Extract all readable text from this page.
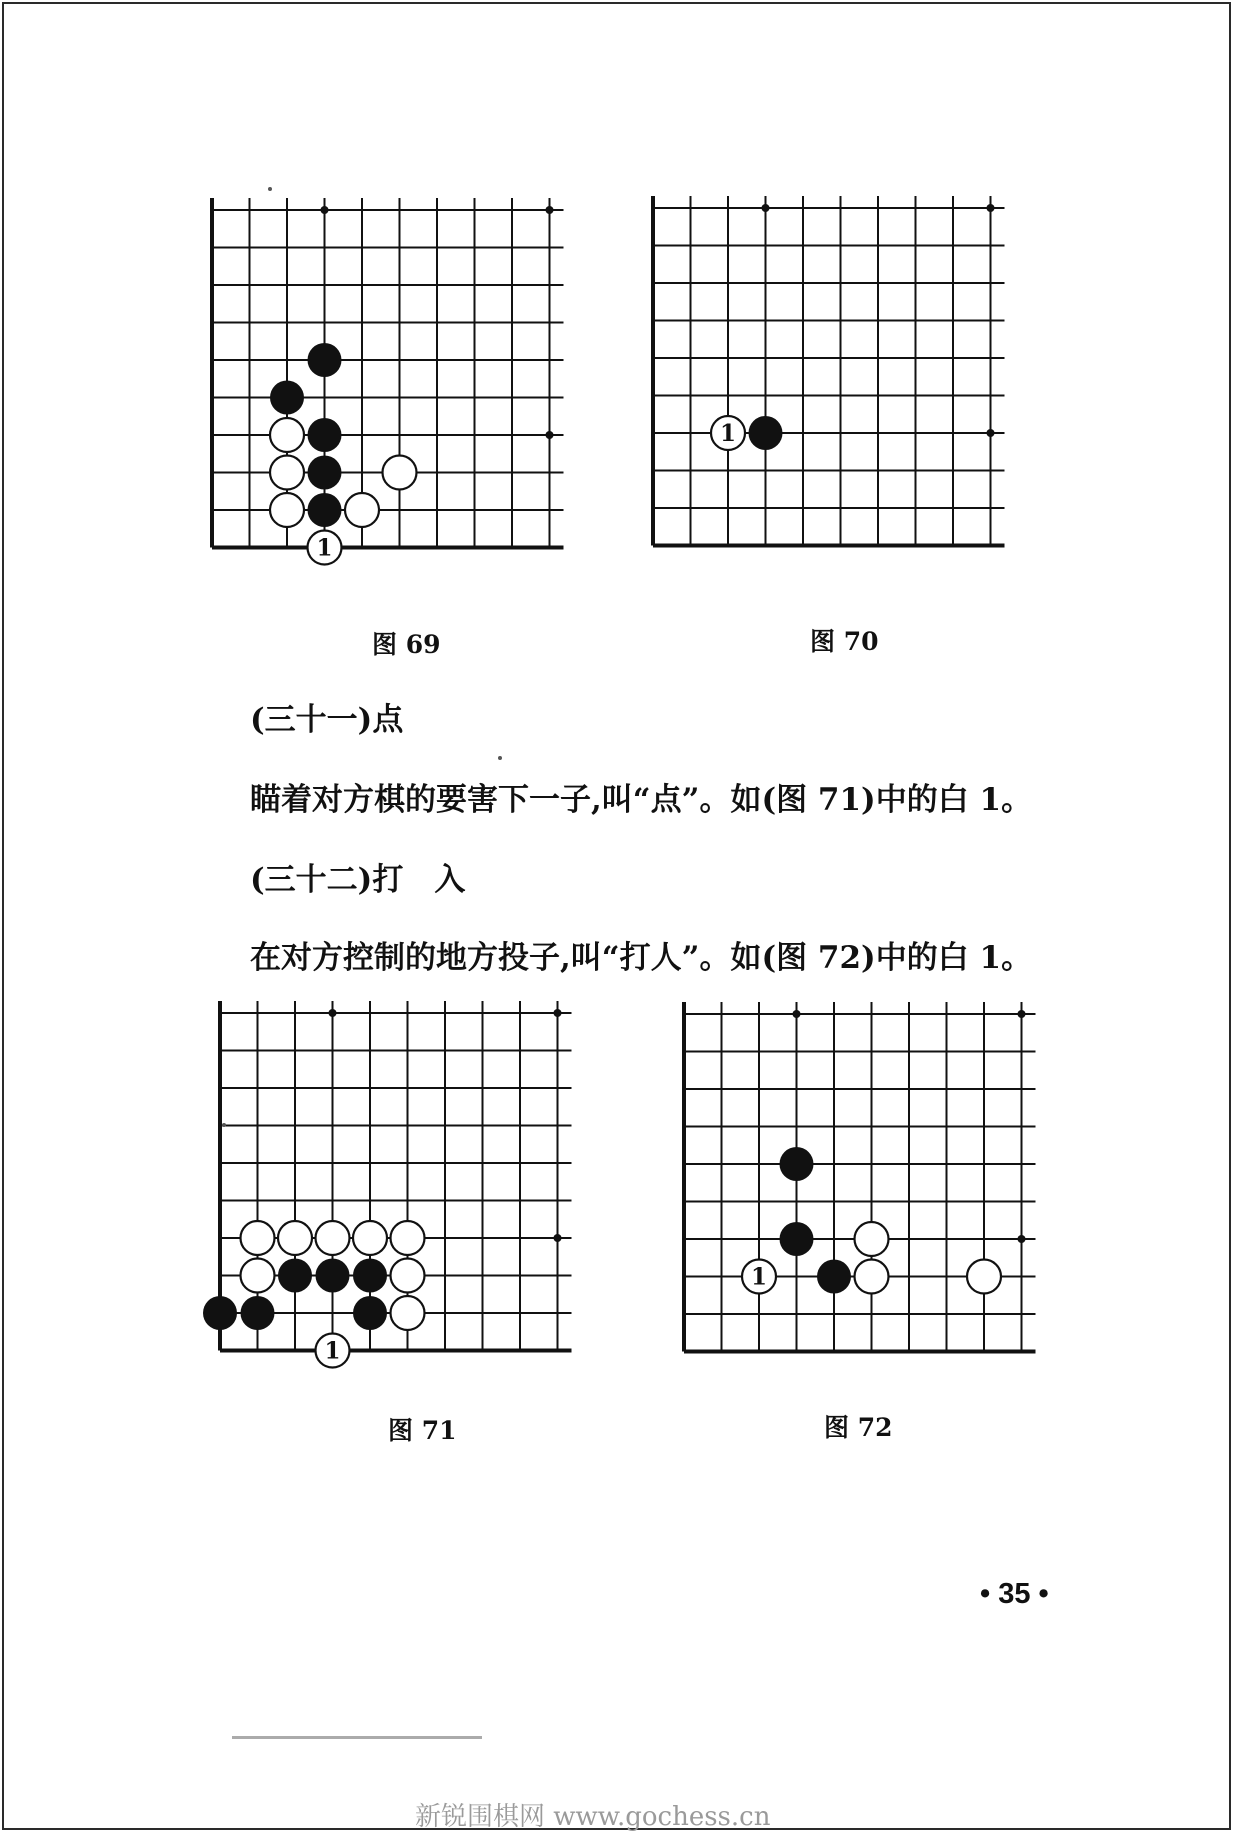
1
图 69
1
图 70
(三十一)点
瞄着对方棋的要害下一子,叫“点”。如(图 71)中的白 1。
(三十二)打　入
在对方控制的地方投子,叫“打人”。如(图 72)中的白 1。
1
图 71
1
图 72
• 35 •
新锐围棋网 www.gochess.cn
